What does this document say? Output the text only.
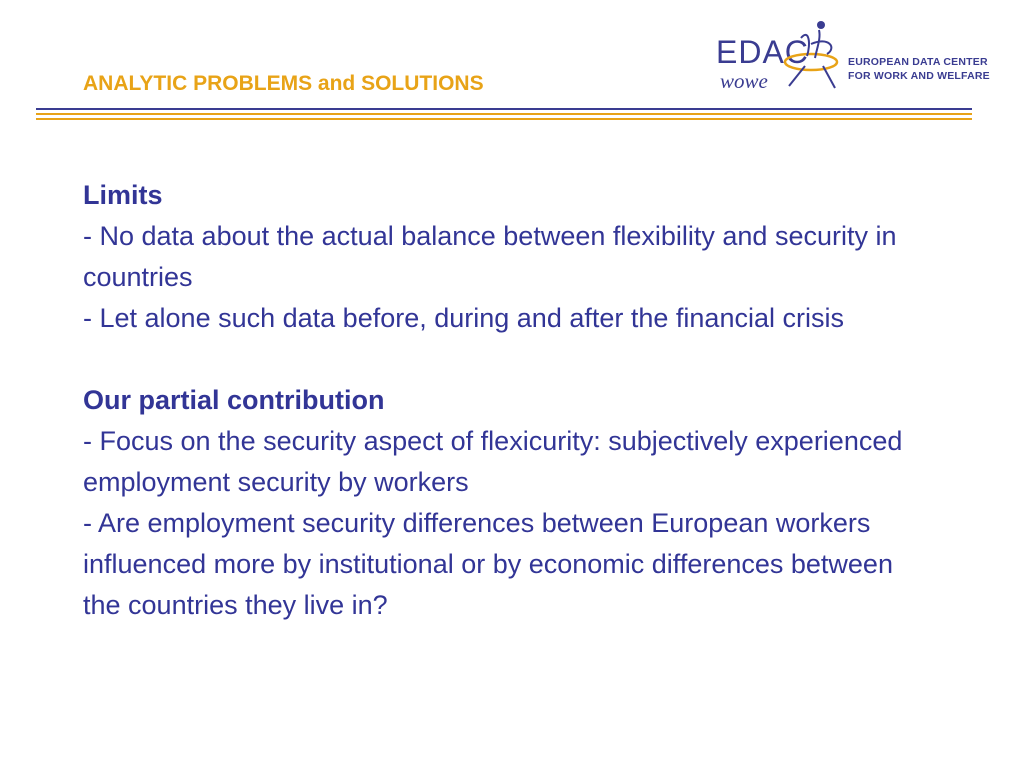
ANALYTIC PROBLEMS and SOLUTIONS
EDAC
wowe
EUROPEAN DATA CENTER
FOR WORK AND WELFARE
Limits
- No data about the actual balance between flexibility and security in countries
- Let alone such data before, during and after the financial crisis
Our partial contribution
- Focus on the security aspect of flexicurity: subjectively experienced  employment security by workers
- Are employment security differences between European workers influenced more by institutional or by economic differences between the countries they live in?
